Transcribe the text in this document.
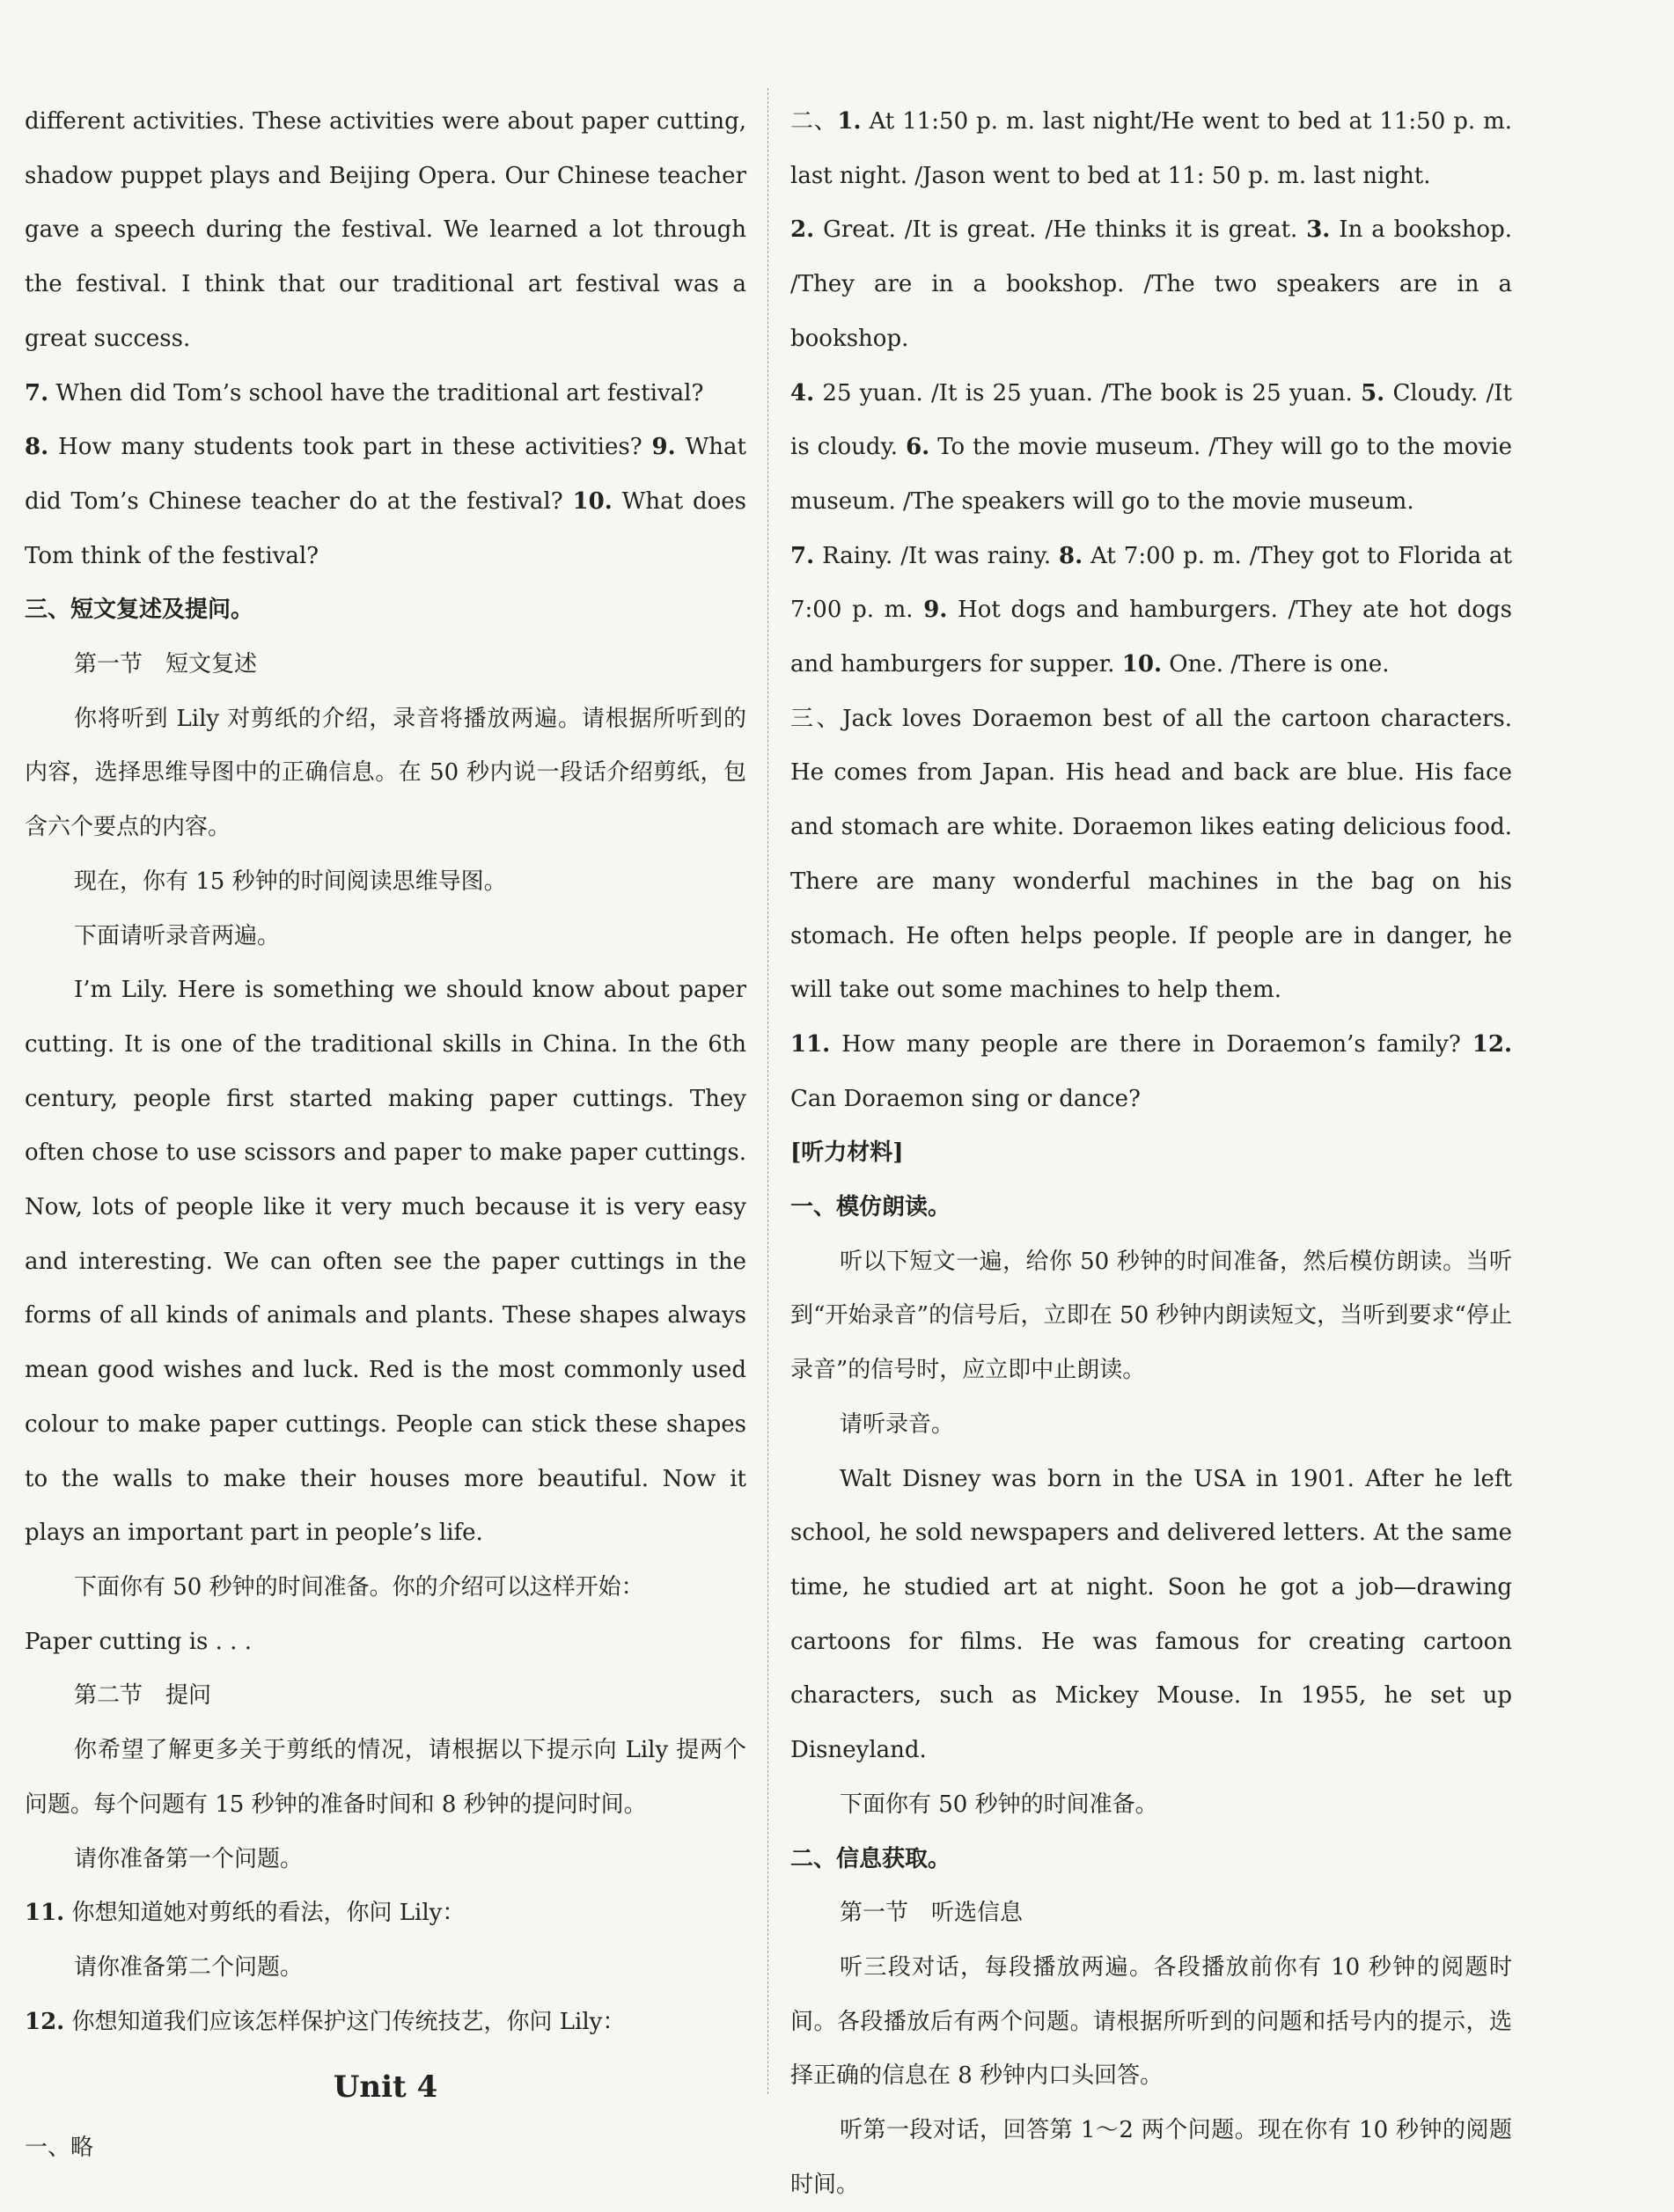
different activities. These activities were about paper cutting, shadow puppet plays and Beijing Opera. Our Chinese teacher gave a speech during the festival. We learned a lot through the festival. I think that our traditional art festival was a great success.

7. When did Tom’s school have the traditional art festival?

8. How many students took part in these activities? 9. What did Tom’s Chinese teacher do at the festival? 10. What does Tom think of the festival?

三、短文复述及提问。

第一节　短文复述

你将听到 Lily 对剪纸的介绍，录音将播放两遍。请根据所听到的内容，选择思维导图中的正确信息。在 50 秒内说一段话介绍剪纸，包含六个要点的内容。

现在，你有 15 秒钟的时间阅读思维导图。

下面请听录音两遍。

I’m Lily. Here is something we should know about paper cutting. It is one of the traditional skills in China. In the 6th century, people first started making paper cuttings. They often chose to use scissors and paper to make paper cuttings. Now, lots of people like it very much because it is very easy and interesting. We can often see the paper cuttings in the forms of all kinds of animals and plants. These shapes always mean good wishes and luck. Red is the most commonly used colour to make paper cuttings. People can stick these shapes to the walls to make their houses more beautiful. Now it plays an important part in people’s life.

下面你有 50 秒钟的时间准备。你的介绍可以这样开始：

Paper cutting is . . .

第二节　提问

你希望了解更多关于剪纸的情况，请根据以下提示向 Lily 提两个问题。每个问题有 15 秒钟的准备时间和 8 秒钟的提问时间。

请你准备第一个问题。

11. 你想知道她对剪纸的看法，你问 Lily：

请你准备第二个问题。

12. 你想知道我们应该怎样保护这门传统技艺，你问 Lily：

Unit 4

一、略

二、1. At 11:50 p. m. last night/He went to bed at 11:50 p. m. last night. /Jason went to bed at 11: 50 p. m. last night.

2. Great. /It is great. /He thinks it is great. 3. In a bookshop. /They are in a bookshop. /The two speakers are in a bookshop.

4. 25 yuan. /It is 25 yuan. /The book is 25 yuan. 5. Cloudy. /It is cloudy. 6. To the movie museum. /They will go to the movie museum. /The speakers will go to the movie museum.

7. Rainy. /It was rainy. 8. At 7:00 p. m. /They got to Florida at 7:00 p. m. 9. Hot dogs and hamburgers. /They ate hot dogs and hamburgers for supper. 10. One. /There is one.

三、Jack loves Doraemon best of all the cartoon characters. He comes from Japan. His head and back are blue. His face and stomach are white. Doraemon likes eating delicious food. There are many wonderful machines in the bag on his stomach. He often helps people. If people are in danger, he will take out some machines to help them.

11. How many people are there in Doraemon’s family? 12. Can Doraemon sing or dance?

[听力材料]

一、模仿朗读。

听以下短文一遍，给你 50 秒钟的时间准备，然后模仿朗读。当听到“开始录音”的信号后，立即在 50 秒钟内朗读短文，当听到要求“停止录音”的信号时，应立即中止朗读。

请听录音。

Walt Disney was born in the USA in 1901. After he left school, he sold newspapers and delivered letters. At the same time, he studied art at night. Soon he got a job—drawing cartoons for films. He was famous for creating cartoon characters, such as Mickey Mouse. In 1955, he set up Disneyland.

下面你有 50 秒钟的时间准备。

二、信息获取。

第一节　听选信息

听三段对话，每段播放两遍。各段播放前你有 10 秒钟的阅题时间。各段播放后有两个问题。请根据所听到的问题和括号内的提示，选择正确的信息在 8 秒钟内口头回答。

听第一段对话，回答第 1～2 两个问题。现在你有 10 秒钟的阅题时间。
